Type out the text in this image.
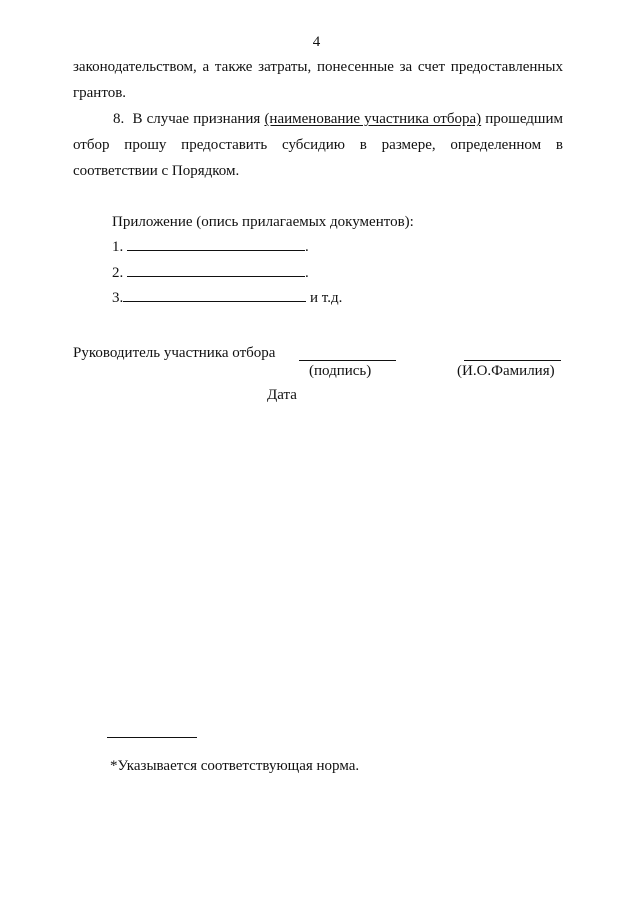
4
законодательством, а также затраты, понесенные за счет предоставленных
грантов.
8.  В случае признания (наименование участника отбора) прошедшим
отбор прошу предоставить субсидию в размере, определенном в
соответствии с Порядком.
Приложение (опись прилагаемых документов):
1.	.
2.	.
3.	и т.д.
Руководитель участника отбора
(подпись)	(И.О.Фамилия)
Дата
*Указывается соответствующая норма.
